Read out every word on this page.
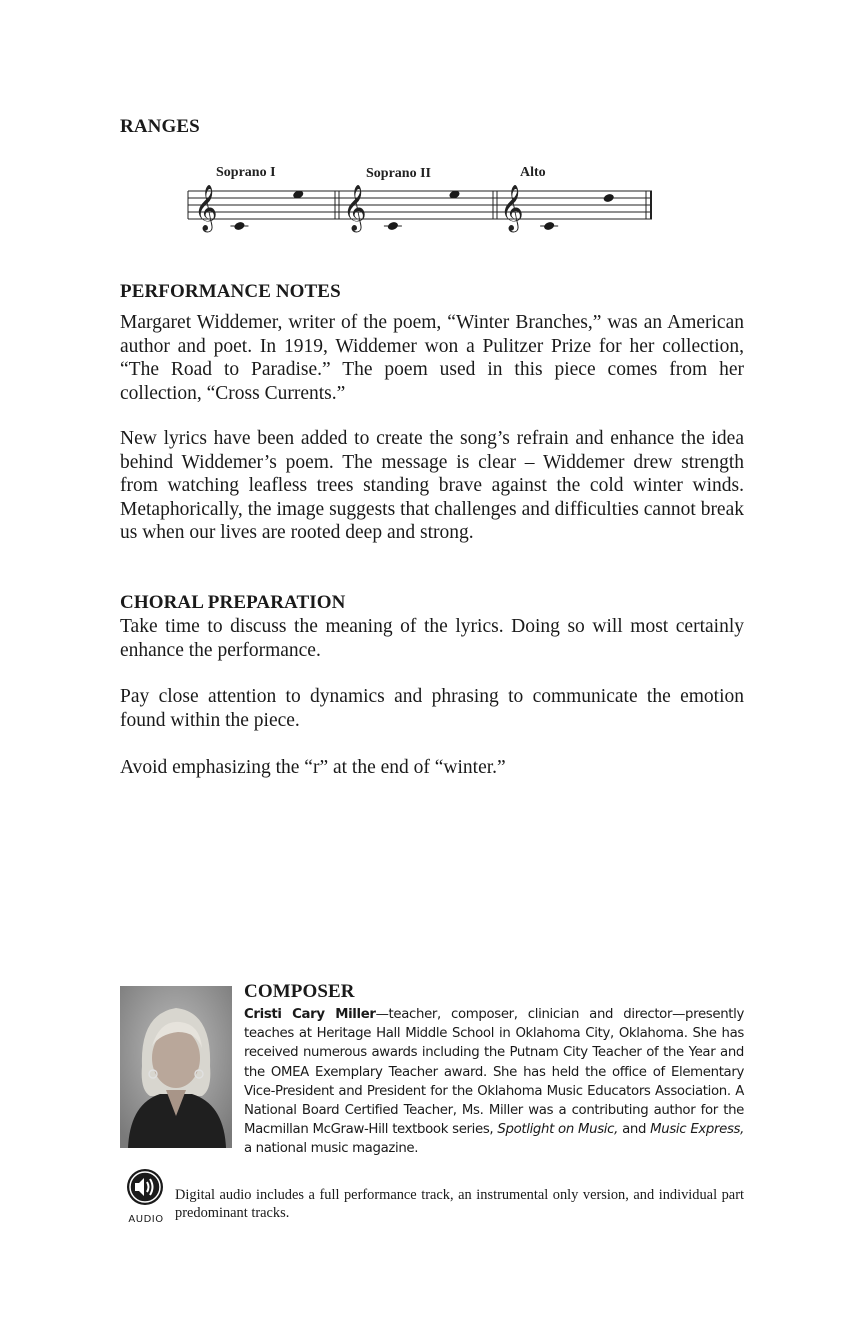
RANGES
𝄞	𝄞	𝄞
Soprano I	Soprano II	Alto
PERFORMANCE NOTES

Margaret Widdemer, writer of the poem, “Winter Branches,” was an American author and poet. In 1919, Widdemer won a Pulitzer Prize for her collection, “The Road to Paradise.” The poem used in this piece comes from her collection, “Cross Currents.”

New lyrics have been added to create the song’s refrain and enhance the idea behind Widdemer’s poem. The message is clear – Widdemer drew strength from watching leafless trees standing brave against the cold winter winds. Metaphorically, the image suggests that challenges and difficulties cannot break us when our lives are rooted deep and strong.

CHORAL PREPARATION

Take time to discuss the meaning of the lyrics. Doing so will most certainly enhance the performance.

Pay close attention to dynamics and phrasing to communicate the emotion found within the piece.

Avoid emphasizing the “r” at the end of “winter.”

COMPOSER

Cristi Cary Miller—teacher, composer, clinician and director—presently teaches at Heritage Hall Middle School in Oklahoma City, Oklahoma. She has received numerous awards including the Putnam City Teacher of the Year and the OMEA Exemplary Teacher award. She has held the office of Elementary Vice-President and President for the Oklahoma Music Educators Association. A National Board Certified Teacher, Ms. Miller was a contributing author for the Macmillan McGraw-Hill textbook series, Spotlight on Music, and Music Express, a national music magazine.

AUDIO

Digital audio includes a full performance track, an instrumental only version, and individual part predominant tracks.
